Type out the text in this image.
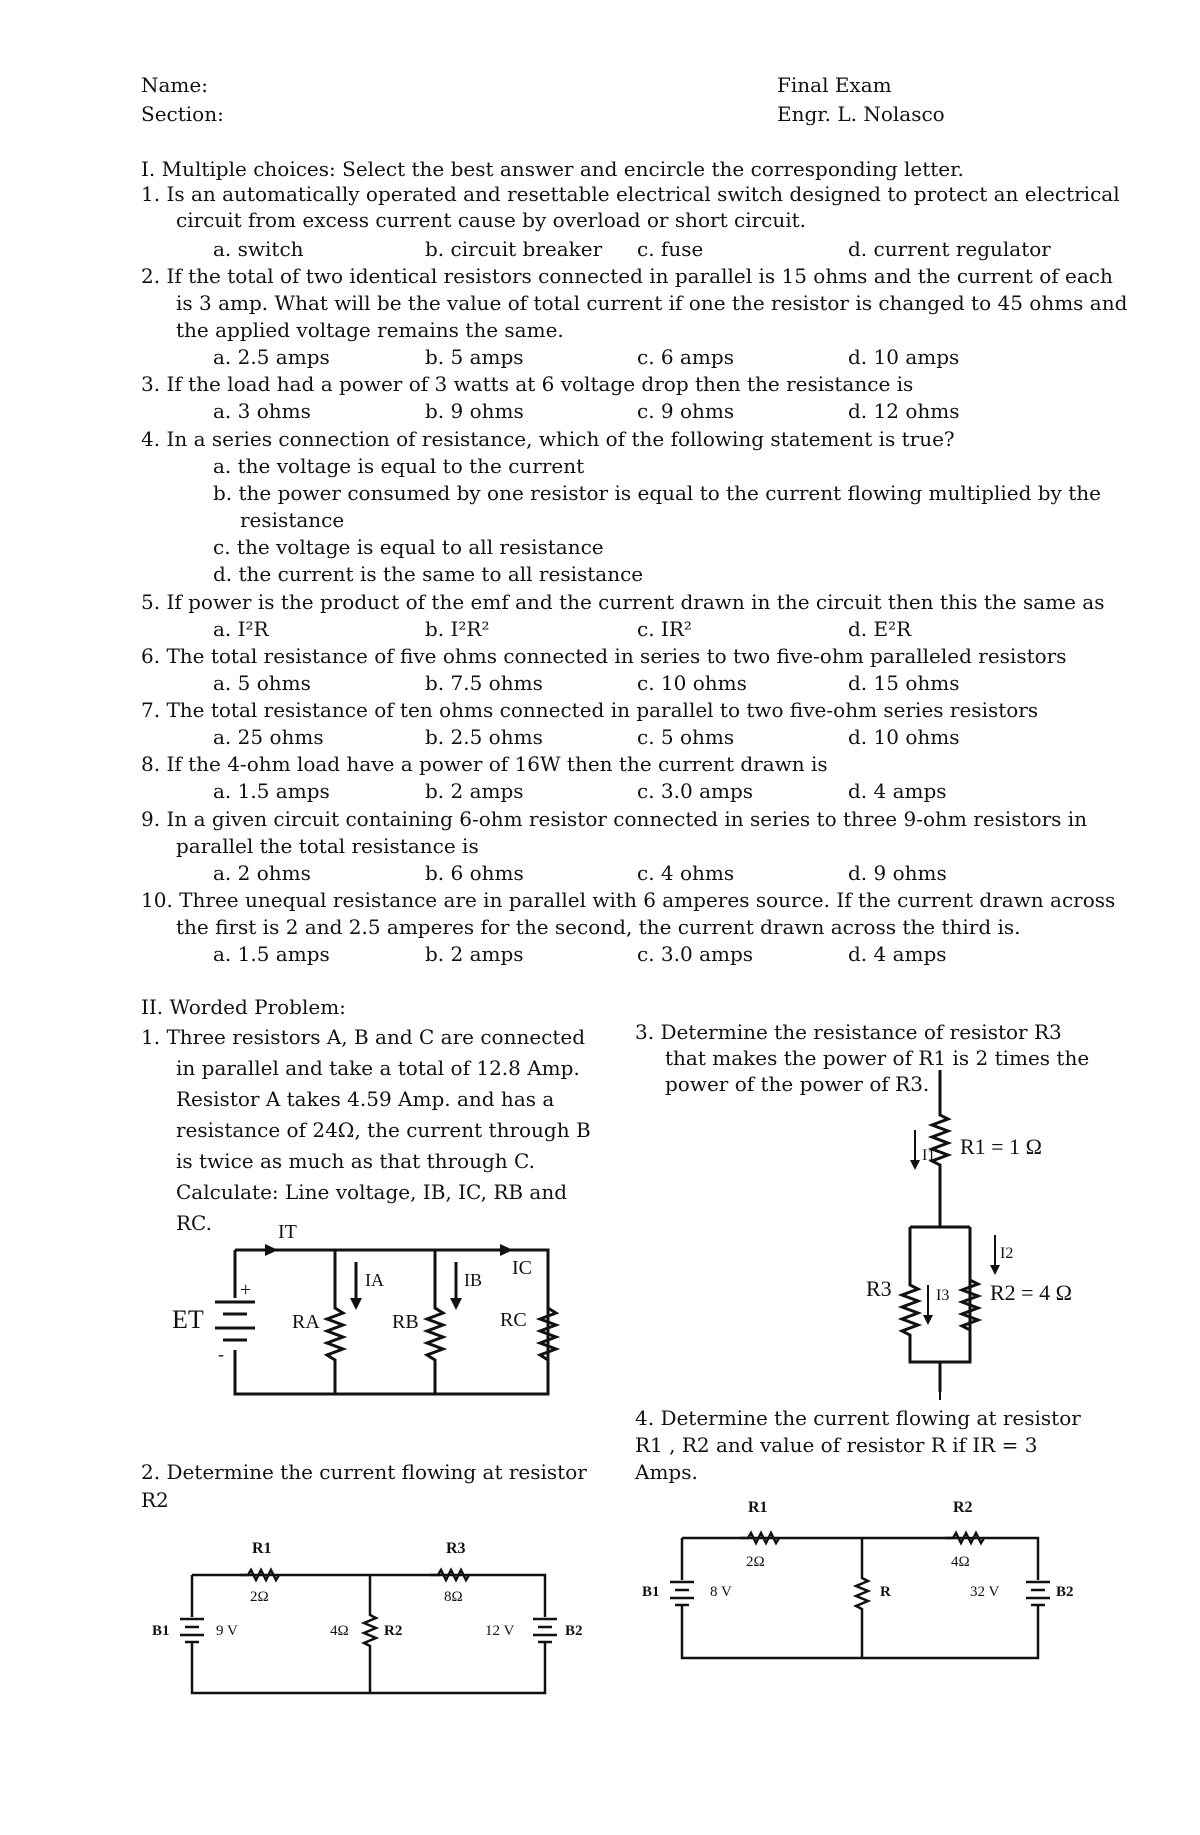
Name:
Section:
Final Exam
Engr. L. Nolasco
I. Multiple choices: Select the best answer and encircle the corresponding letter.
1. Is an automatically operated and resettable electrical switch designed to protect an electrical
circuit from excess current cause by overload or short circuit.
a. switch	b. circuit breaker c. fuse	d. current regulator
2. If the total of two identical resistors connected in parallel is 15 ohms and the current of each
is 3 amp. What will be the value of total current if one the resistor is changed to 45 ohms and
the applied voltage remains the same.
a. 2.5 amps	b. 5 amps	c. 6 amps	d. 10 amps
3. If the load had a power of 3 watts at 6 voltage drop then the resistance is
a. 3 ohms	b. 9 ohms	c. 9 ohms	d. 12 ohms
4. In a series connection of resistance, which of the following statement is true?
a. the voltage is equal to the current
b. the power consumed by one resistor is equal to the current flowing multiplied by the
resistance
c. the voltage is equal to all resistance
d. the current is the same to all resistance
5. If power is the product of the emf and the current drawn in the circuit then this the same as
a. I²R	b. I²R²	c. IR²	d. E²R
6. The total resistance of five ohms connected in series to two five-ohm paralleled resistors
a. 5 ohms	b. 7.5 ohms	c. 10 ohms	d. 15 ohms
7. The total resistance of ten ohms connected in parallel to two five-ohm series resistors
a. 25 ohms	b. 2.5 ohms	c. 5 ohms	d. 10 ohms
8. If the 4-ohm load have a power of 16W then the current drawn is
a. 1.5 amps	b. 2 amps	c. 3.0 amps	d. 4 amps
9. In a given circuit containing 6-ohm resistor connected in series to three 9-ohm resistors in
parallel the total resistance is
a. 2 ohms	b. 6 ohms	c. 4 ohms	d. 9 ohms
10. Three unequal resistance are in parallel with 6 amperes source. If the current drawn across
the first is 2 and 2.5 amperes for the second, the current drawn across the third is.
a. 1.5 amps	b. 2 amps	c. 3.0 amps	d. 4 amps
II. Worded Problem:
1. Three resistors A, B and C are connected
in parallel and take a total of 12.8 Amp.
Resistor A takes 4.59 Amp. and has a
resistance of 24Ω, the current through B
is twice as much as that through C.
Calculate: Line voltage, IB, IC, RB and
RC.
2. Determine the current flowing at resistor
R2
3. Determine the resistance of resistor R3
that makes the power of R1 is 2 times the
power of the power of R3.
4. Determine the current flowing at resistor
R1 , R2 and value of resistor R if IR = 3
Amps.
IT
ET
+
-
RA	RB	RC
IA	IB
IC
R1
2Ω
R3
8Ω
B1	9 V	4Ω R2	12 V	B2
I1 R1 = 1 Ω
I2
R3	I3 R2 = 4 Ω
R1
2Ω
R2
4Ω
B1	8 V	R	32 V	B2
